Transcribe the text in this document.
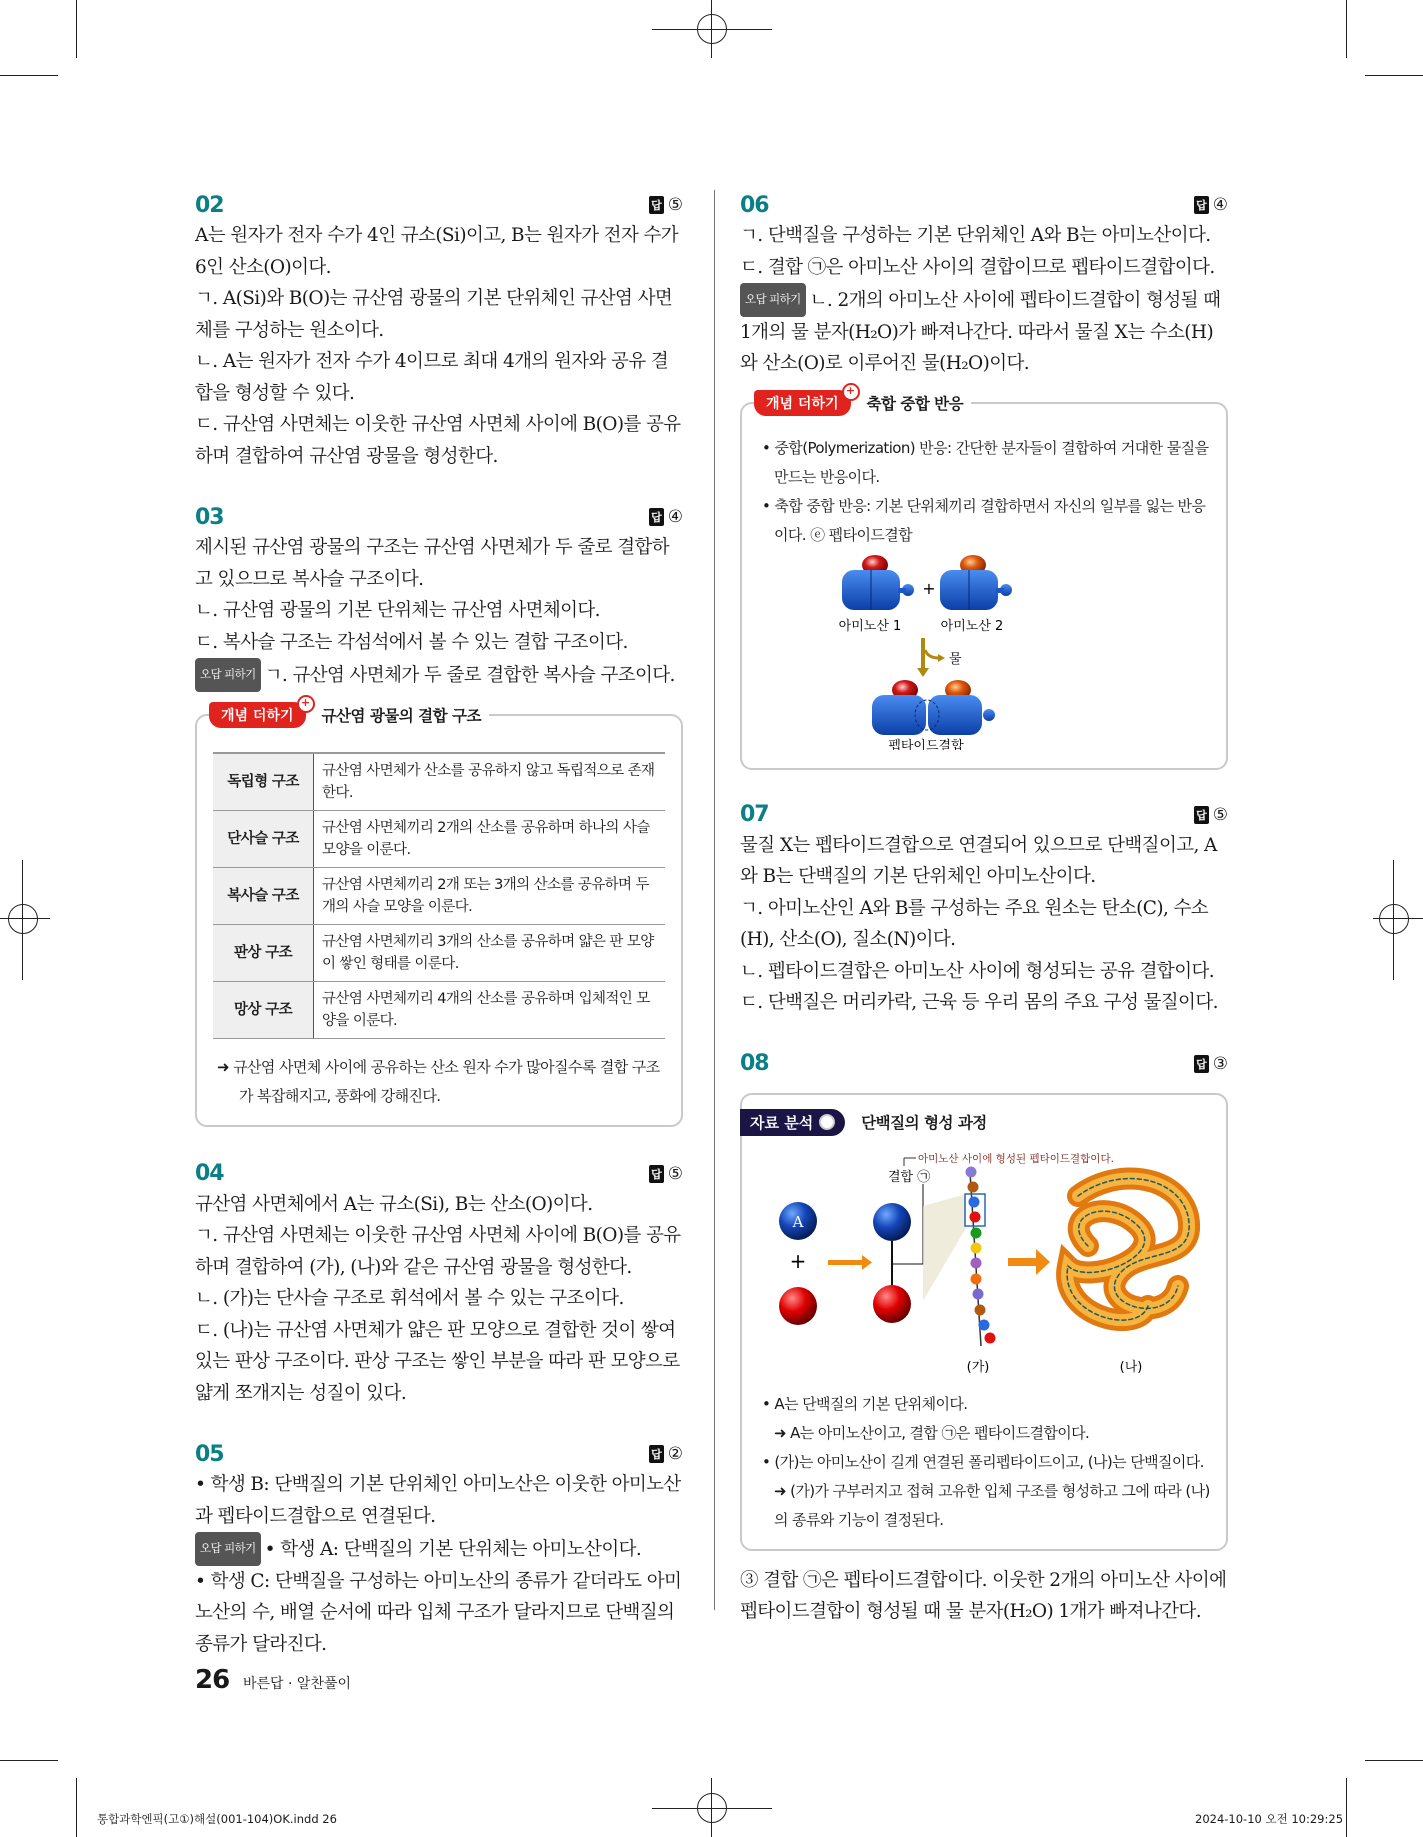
02	답 ⑤

A는 원자가 전자 수가 4인 규소(Si)이고, B는 원자가 전자 수가 6인 산소(O)이다.

ㄱ. A(Si)와 B(O)는 규산염 광물의 기본 단위체인 규산염 사면체를 구성하는 원소이다.

ㄴ. A는 원자가 전자 수가 4이므로 최대 4개의 원자와 공유 결합을 형성할 수 있다.

ㄷ. 규산염 사면체는 이웃한 규산염 사면체 사이에 B(O)를 공유하며 결합하여 규산염 광물을 형성한다.

03	답 ④

제시된 규산염 광물의 구조는 규산염 사면체가 두 줄로 결합하고 있으므로 복사슬 구조이다.

ㄴ. 규산염 광물의 기본 단위체는 규산염 사면체이다.

ㄷ. 복사슬 구조는 각섬석에서 볼 수 있는 결합 구조이다.

오답 피하기 ㄱ. 규산염 사면체가 두 줄로 결합한 복사슬 구조이다.

개념 더하기
+
규산염 광물의 결합 구조
독립형 구조	규산염 사면체가 산소를 공유하지 않고 독립적으로 존재한다.
단사슬 구조	규산염 사면체끼리 2개의 산소를 공유하며 하나의 사슬 모양을 이룬다.
복사슬 구조	규산염 사면체끼리 2개 또는 3개의 산소를 공유하며 두 개의 사슬 모양을 이룬다.
판상 구조	규산염 사면체끼리 3개의 산소를 공유하며 얇은 판 모양이 쌓인 형태를 이룬다.
망상 구조	규산염 사면체끼리 4개의 산소를 공유하며 입체적인 모양을 이룬다.

➜ 규산염 사면체 사이에 공유하는 산소 원자 수가 많아질수록 결합 구조가 복잡해지고, 풍화에 강해진다.

04	답 ⑤

규산염 사면체에서 A는 규소(Si), B는 산소(O)이다.

ㄱ. 규산염 사면체는 이웃한 규산염 사면체 사이에 B(O)를 공유하며 결합하여 (가), (나)와 같은 규산염 광물을 형성한다.

ㄴ. (가)는 단사슬 구조로 휘석에서 볼 수 있는 구조이다.

ㄷ. (나)는 규산염 사면체가 얇은 판 모양으로 결합한 것이 쌓여 있는 판상 구조이다. 판상 구조는 쌓인 부분을 따라 판 모양으로 얇게 쪼개지는 성질이 있다.

05	답 ②

• 학생 B: 단백질의 기본 단위체인 아미노산은 이웃한 아미노산과 펩타이드결합으로 연결된다.

오답 피하기 • 학생 A: 단백질의 기본 단위체는 아미노산이다.

• 학생 C: 단백질을 구성하는 아미노산의 종류가 같더라도 아미노산의 수, 배열 순서에 따라 입체 구조가 달라지므로 단백질의 종류가 달라진다.

06	답 ④

ㄱ. 단백질을 구성하는 기본 단위체인 A와 B는 아미노산이다.

ㄷ. 결합 ㉠은 아미노산 사이의 결합이므로 펩타이드결합이다.

오답 피하기 ㄴ. 2개의 아미노산 사이에 펩타이드결합이 형성될 때 1개의 물 분자(H₂O)가 빠져나간다. 따라서 물질 X는 수소(H)와 산소(O)로 이루어진 물(H₂O)이다.

개념 더하기
+
축합 중합 반응
• 중합(Polymerization) 반응: 간단한 분자들이 결합하여 거대한 물질을 만드는 반응이다.
• 축합 중합 반응: 기본 단위체끼리 결합하면서 자신의 일부를 잃는 반응이다. ⓔ 펩타이드결합
+
아미노산 1	아미노산 2
물
펩타이드결합
07	답 ⑤

물질 X는 펩타이드결합으로 연결되어 있으므로 단백질이고, A와 B는 단백질의 기본 단위체인 아미노산이다.

ㄱ. 아미노산인 A와 B를 구성하는 주요 원소는 탄소(C), 수소(H), 산소(O), 질소(N)이다.

ㄴ. 펩타이드결합은 아미노산 사이에 형성되는 공유 결합이다.

ㄷ. 단백질은 머리카락, 근육 등 우리 몸의 주요 구성 물질이다.

08	답 ③
자료 분석	단백질의 형성 과정
아미노산 사이에 형성된 펩타이드결합이다.
결합 ㉠
A
+
(가)	(나)
• A는 단백질의 기본 단위체이다.
➜ A는 아미노산이고, 결합 ㉠은 펩타이드결합이다.
• (가)는 아미노산이 길게 연결된 폴리펩타이드이고, (나)는 단백질이다.
➜ (가)가 구부러지고 접혀 고유한 입체 구조를 형성하고 그에 따라 (나)의 종류와 기능이 결정된다.

③ 결합 ㉠은 펩타이드결합이다. 이웃한 2개의 아미노산 사이에 펩타이드결합이 형성될 때 물 분자(H₂O) 1개가 빠져나간다.

26 바른답 · 알찬풀이
통합과학엔픽(고①)해설(001-104)OK.indd 26	2024-10-10 오전 10:29:25
